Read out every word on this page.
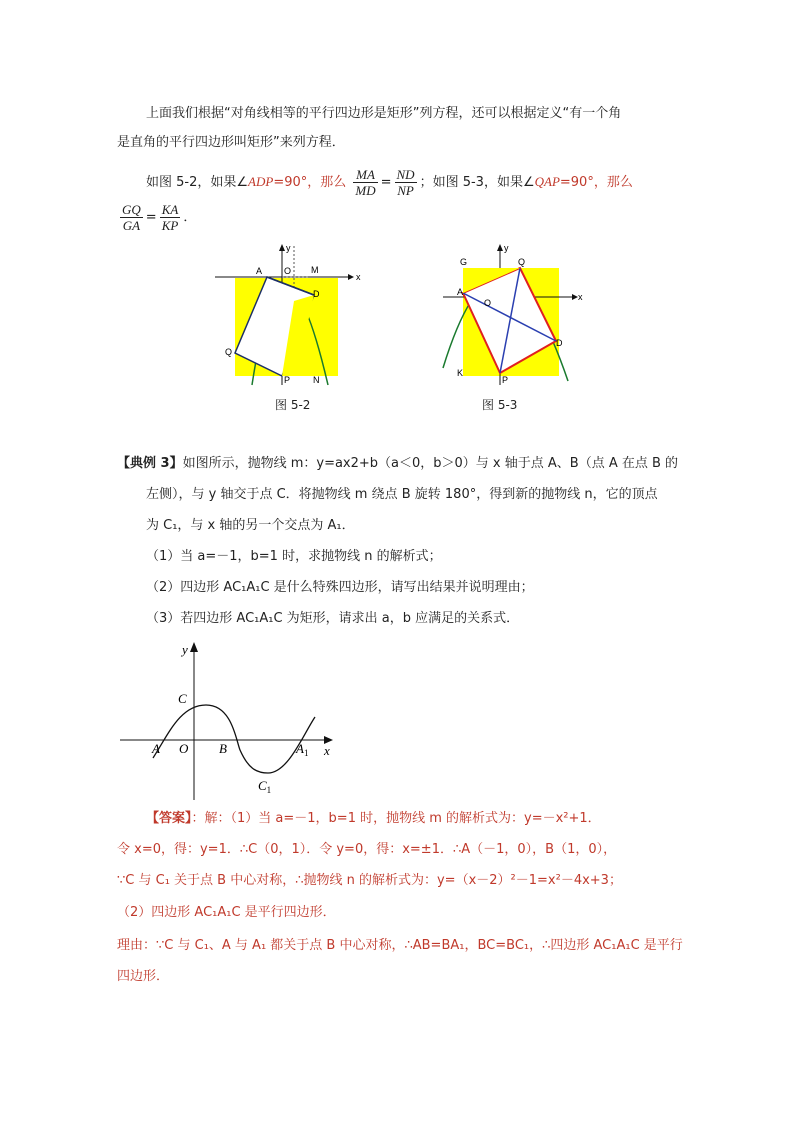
上面我们根据“对角线相等的平行四边形是矩形”列方程，还可以根据定义“有一个角
是直角的平行四边形叫矩形”来列方程．
如图 5-2，如果∠ADP=90°，那么 $\frac{MA}{MD} = \frac{ND}{NP}$ ；如图 5-3，如果∠QAP=90°，那么
$\frac{GQ}{GA} = \frac{KA}{KP}$ ．
y
x
A O M
D
Q
P	N
图 5-2
y
x
G	Q
A
O
D
K
P
图 5-3
【典例 3】如图所示，抛物线 m：y=ax2+b（a＜0，b＞0）与 x 轴于点 A、B（点 A 在点 B 的
左侧），与 y 轴交于点 C．将抛物线 m 绕点 B 旋转 180°，得到新的抛物线 n，它的顶点
为 C₁，与 x 轴的另一个交点为 A₁．
（1）当 a=－1，b=1 时，求抛物线 n 的解析式；
（2）四边形 AC₁A₁C 是什么特殊四边形，请写出结果并说明理由；
（3）若四边形 AC₁A₁C 为矩形，请求出 a，b 应满足的关系式．
y
C
A O B	$A_1$ x
$C_1$
【答案】：解：（1）当 a=－1，b=1 时，抛物线 m 的解析式为：y=－x²+1．
令 x=0，得：y=1．∴C（0，1）．令 y=0，得：x=±1．∴A（－1，0），B（1，0），
∵C 与 C₁ 关于点 B 中心对称，∴抛物线 n 的解析式为：y=（x－2）²－1=x²－4x+3；
（2）四边形 AC₁A₁C 是平行四边形．
理由：∵C 与 C₁、A 与 A₁ 都关于点 B 中心对称，∴AB=BA₁，BC=BC₁，∴四边形 AC₁A₁C 是平行
四边形．
